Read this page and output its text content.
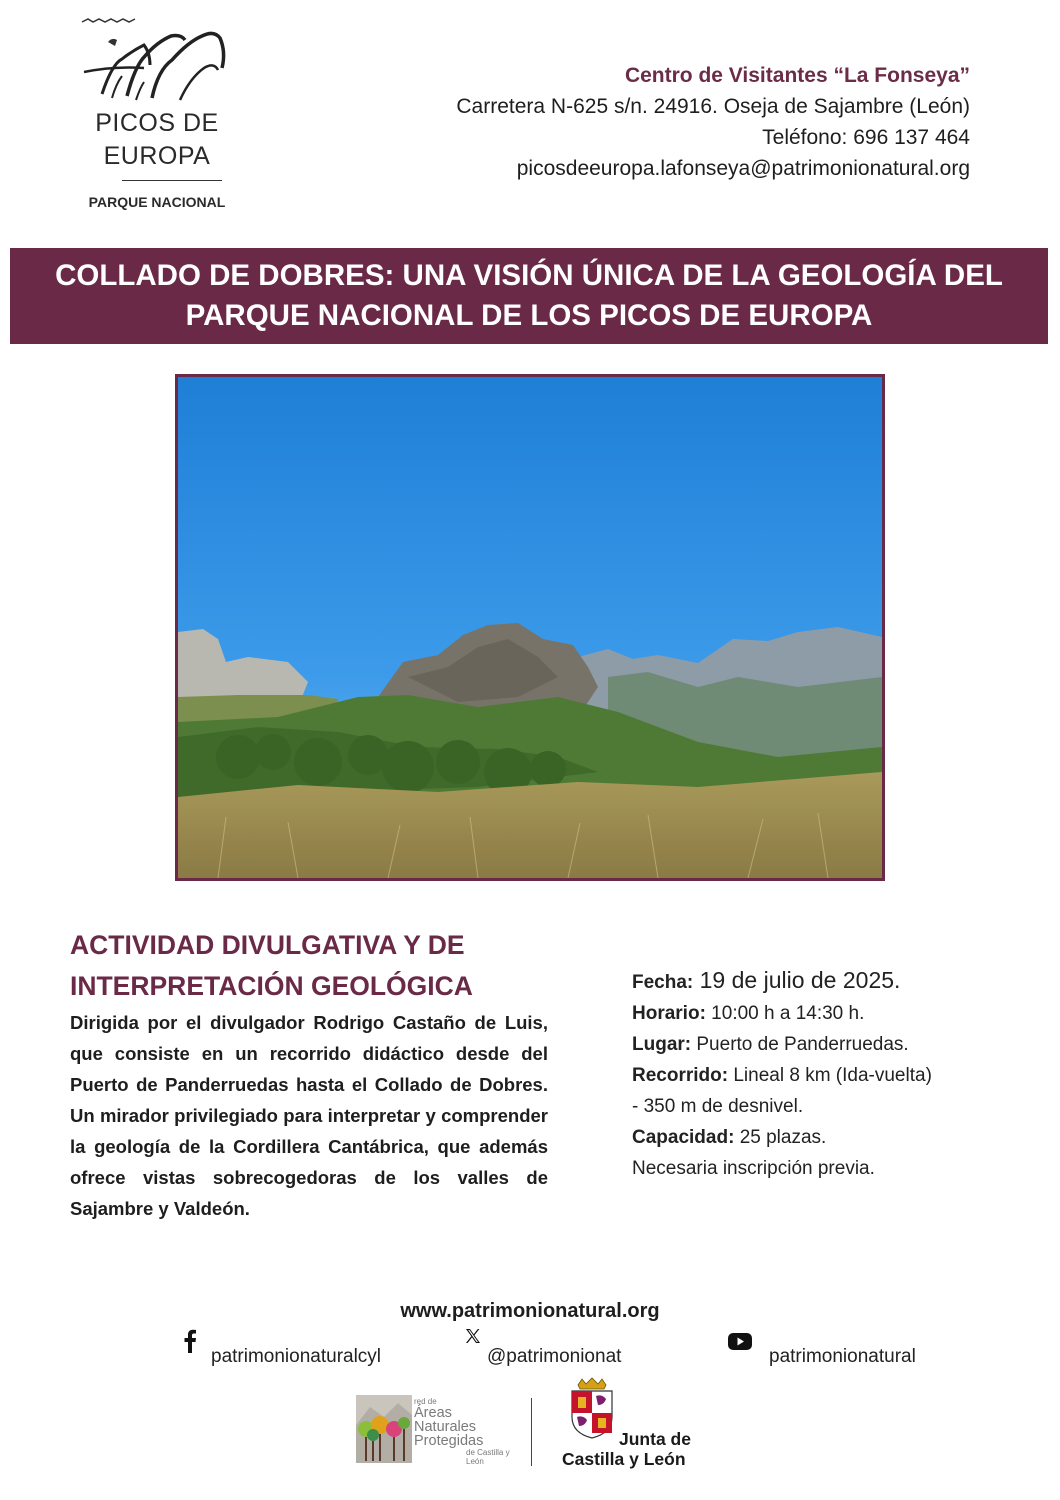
PICOS DE
EUROPA
PARQUE NACIONAL
Centro de Visitantes “La Fonseya”
Carretera N-625 s/n. 24916. Oseja de Sajambre (León)
Teléfono: 696 137 464
picosdeeuropa.lafonseya@patrimonionatural.org
COLLADO DE DOBRES: UNA VISIÓN ÚNICA DE LA GEOLOGÍA DEL
PARQUE NACIONAL DE LOS PICOS DE EUROPA
ACTIVIDAD DIVULGATIVA Y DE
INTERPRETACIÓN GEOLÓGICA
Dirigida por el divulgador Rodrigo Castaño de Luis, que consiste en un recorrido didáctico desde del Puerto de Panderruedas hasta el Collado de Dobres. Un mirador privilegiado para interpretar y comprender la geología de la Cordillera Cantábrica, que además ofrece vistas sobrecogedoras de los valles de Sajambre y Valdeón.
Fecha: 19 de julio de 2025.
Horario: 10:00 h a 14:30 h.
Lugar: Puerto de Panderruedas.
Recorrido: Lineal 8 km (Ida-vuelta) - 350 m de desnivel.
Capacidad: 25 plazas.
Necesaria inscripción previa.
www.patrimonionatural.org
patrimonionaturalcyl	@patrimonionat	patrimonionatural
red de
Áreas
Naturales
Protegidas
de Castilla y León
Junta de
Castilla y León
